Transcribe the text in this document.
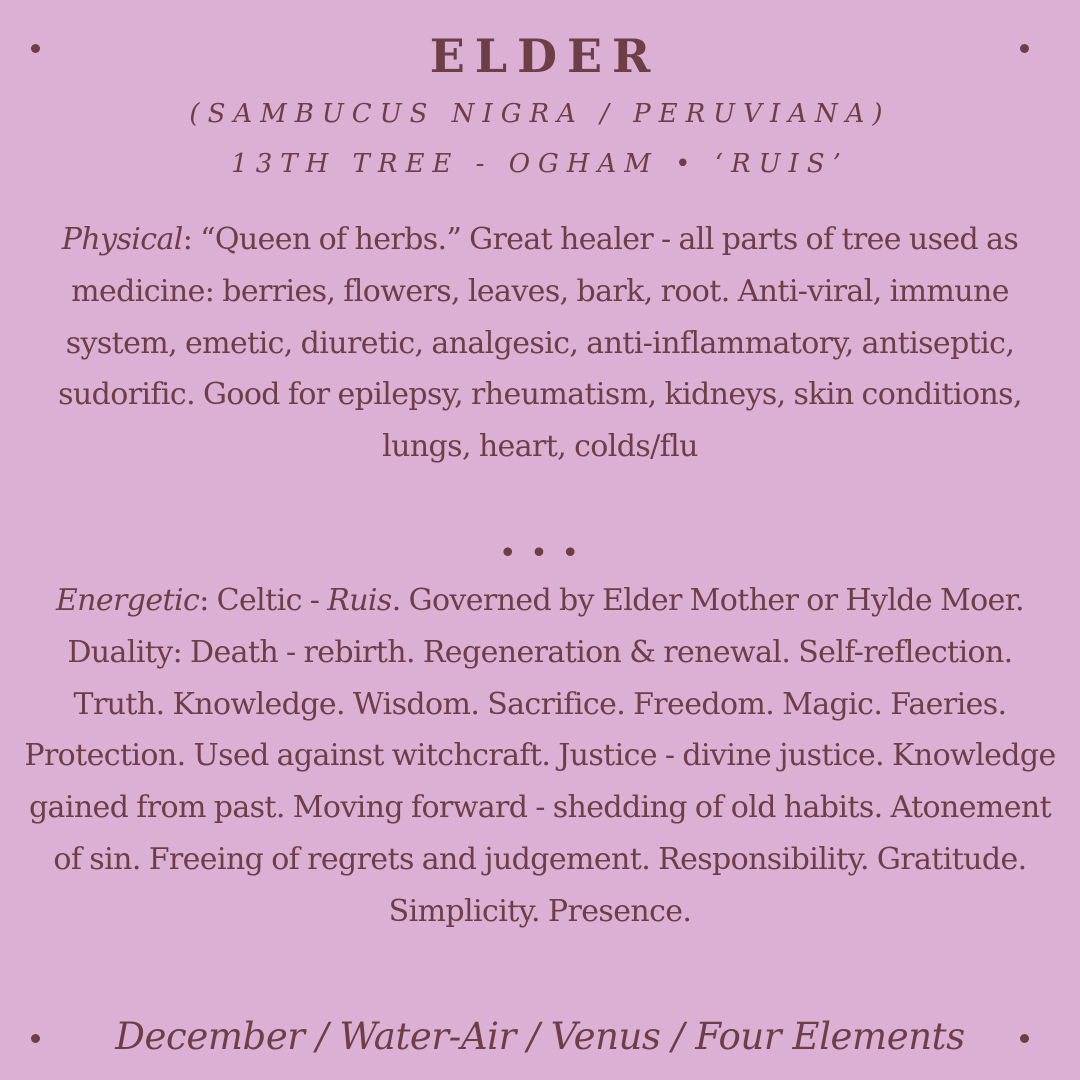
ELDER
(SAMBUCUS NIGRA / PERUVIANA)
13TH TREE - OGHAM • ‘RUIS’
Physical: “Queen of herbs.” Great healer - all parts of tree used as medicine: berries, flowers, leaves, bark, root. Anti-viral, immune system, emetic, diuretic, analgesic, anti-inflammatory, antiseptic, sudorific. Good for epilepsy, rheumatism, kidneys, skin conditions, lungs, heart, colds/flu
• • •
Energetic: Celtic - Ruis. Governed by Elder Mother or Hylde Moer. Duality: Death - rebirth. Regeneration & renewal. Self-reflection. Truth. Knowledge. Wisdom. Sacrifice. Freedom. Magic. Faeries. Protection. Used against witchcraft. Justice - divine justice. Knowledge gained from past. Moving forward - shedding of old habits. Atonement of sin. Freeing of regrets and judgement. Responsibility. Gratitude. Simplicity. Presence.
December / Water-Air / Venus / Four Elements
